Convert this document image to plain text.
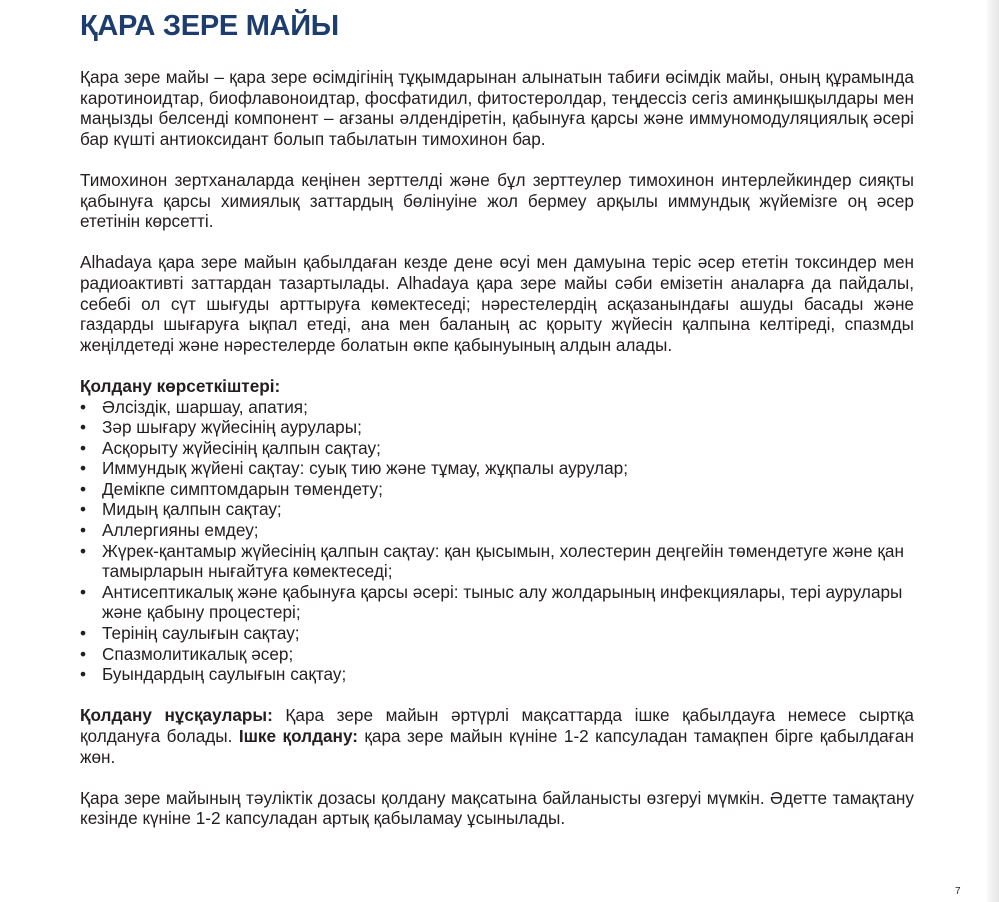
ҚАРА ЗЕРЕ МАЙЫ

Қара зере майы – қара зере өсімдігінің тұқымдарынан алынатын табиғи өсімдік майы, оның құрамында каротиноидтар, биофлавоноидтар, фосфатидил, фитостеролдар, теңдессіз сегіз аминқышқылдары мен маңызды белсенді компонент – ағзаны әлдендіретін, қабынуға қарсы және иммуномодуляциялық әсері бар күшті антиоксидант болып табылатын тимохинон бар.

Тимохинон зертханаларда кеңінен зерттелді және бұл зерттеулер тимохинон интерлейкиндер сияқты қабынуға қарсы химиялық заттардың бөлінуіне жол бермеу арқылы иммундық жүйемізге оң әсер ететінін көрсетті.

Alhadaya қара зере майын қабылдаған кезде дене өсуі мен дамуына теріс әсер ететін токсиндер мен радиоактивті заттардан тазартылады. Alhadaya қара зере майы сәби емізетін аналарға да пайдалы, себебі ол сүт шығуды арттыруға көмектеседі; нәрестелердің асқазанындағы ашуды басады және газдарды шығаруға ықпал етеді, ана мен баланың ас қорыту жүйесін қалпына келтіреді, спазмды жеңілдетеді және нәрестелерде болатын өкпе қабынуының алдын алады.

Қолдану көрсеткіштері:

• Әлсіздік, шаршау, апатия;
• Зәр шығару жүйесінің аурулары;
• Асқорыту жүйесінің қалпын сақтау;
• Иммундық жүйені сақтау: суық тию және тұмау, жұқпалы аурулар;
• Демікпе симптомдарын төмендету;
• Мидың қалпын сақтау;
• Аллергияны емдеу;
• Жүрек-қантамыр жүйесінің қалпын сақтау: қан қысымын, холестерин деңгейін төмендетуге және қан тамырларын нығайтуға көмектеседі;
• Антисептикалық және қабынуға қарсы әсері: тыныс алу жолдарының инфекциялары, тері аурулары және қабыну процестері;
• Терінің саулығын сақтау;
• Спазмолитикалық әсер;
• Буындардың саулығын сақтау;

Қолдану нұсқаулары: Қара зере майын әртүрлі мақсаттарда ішке қабылдауға немесе сыртқа қолдануға болады. Ішке қолдану: қара зере майын күніне 1-2 капсуладан тамақпен бірге қабылдаған жөн.

Қара зере майының тәуліктік дозасы қолдану мақсатына байланысты өзгеруі мүмкін. Әдетте тамақтану кезінде күніне 1-2 капсуладан артық қабыламау ұсынылады.

7
